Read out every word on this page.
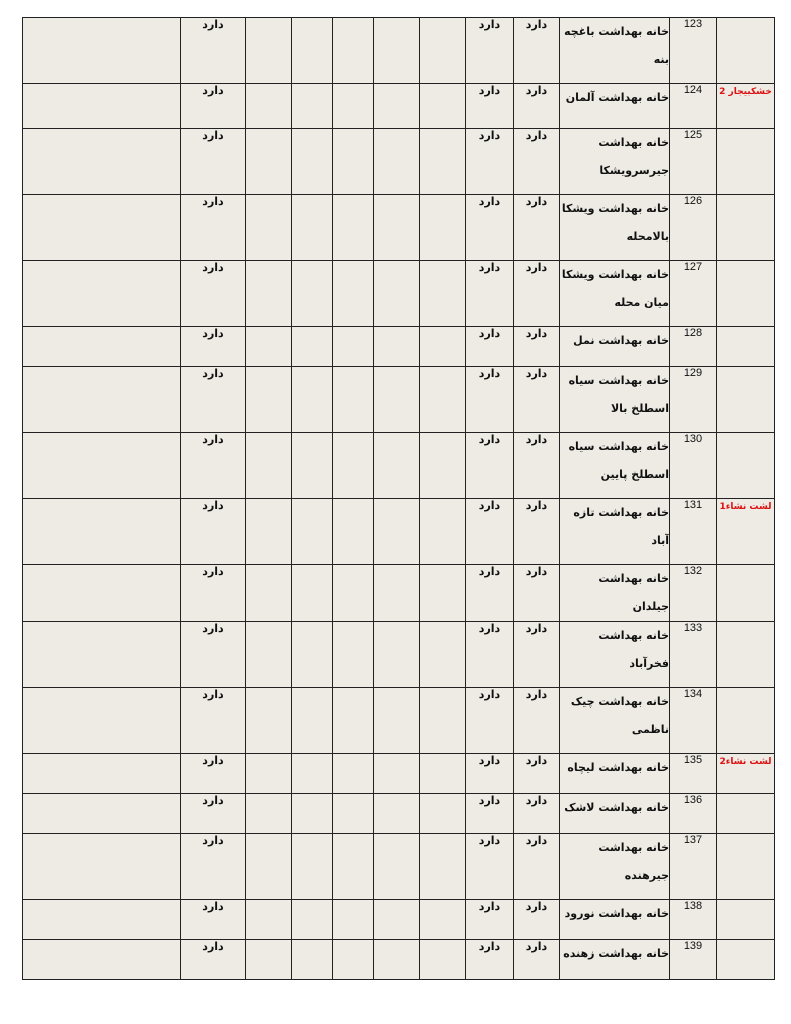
	دارد						دارد	دارد	خانه بهداشت باغچه بنه	123	

	دارد						دارد	دارد	خانه بهداشت آلمان	124	خشکبیجار 2

	دارد						دارد	دارد	خانه بهداشت جیرسرویشکا	125	

	دارد						دارد	دارد	خانه بهداشت ویشکا بالامحله	126	

	دارد						دارد	دارد	خانه بهداشت ویشکا میان محله	127	

	دارد						دارد	دارد	خانه بهداشت نمل	128	

	دارد						دارد	دارد	خانه بهداشت سیاه اسطلخ بالا	129	

	دارد						دارد	دارد	خانه بهداشت سیاه اسطلخ پایین	130	

	دارد						دارد	دارد	خانه بهداشت تازه آباد	131	لشت نشاء1

	دارد						دارد	دارد	خانه بهداشت جیلدان	132	

	دارد						دارد	دارد	خانه بهداشت فخرآباد	133	

	دارد						دارد	دارد	خانه بهداشت چیک ناظمی	134	

	دارد						دارد	دارد	خانه بهداشت لیچاه	135	لشت نشاء2

	دارد						دارد	دارد	خانه بهداشت لاشک	136	

	دارد						دارد	دارد	خانه بهداشت جیرهنده	137	

	دارد						دارد	دارد	خانه بهداشت نورود	138	

	دارد						دارد	دارد	خانه بهداشت زهنده	139	
